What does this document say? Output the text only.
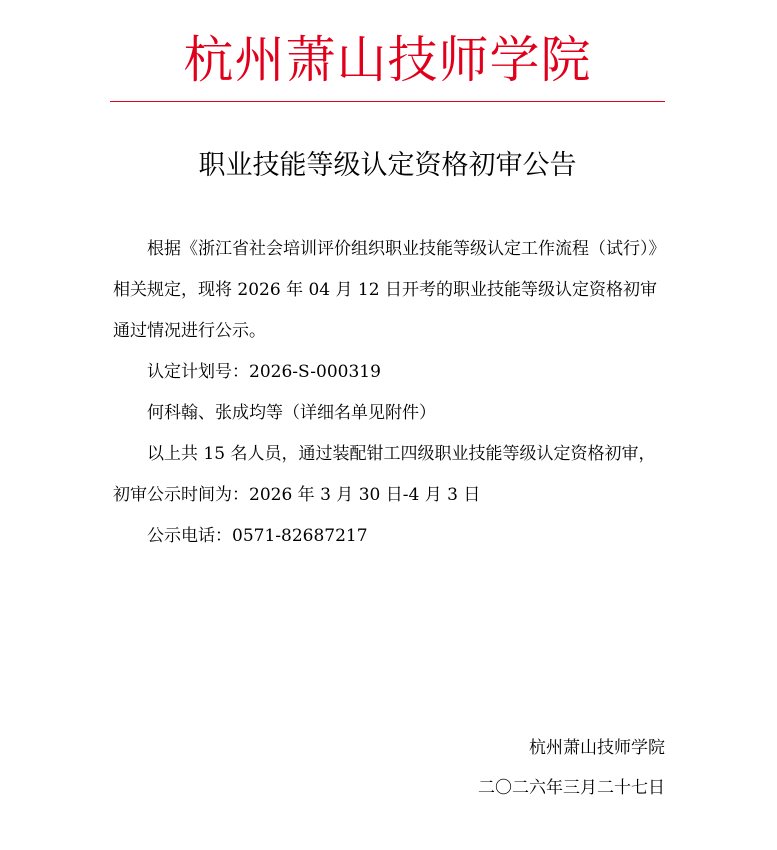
杭州萧山技师学院
职业技能等级认定资格初审公告

根据《浙江省社会培训评价组织职业技能等级认定工作流程（试行）》相关规定，现将 2026 年 04 月 12 日开考的职业技能等级认定资格初审通过情况进行公示。

认定计划号：2026-S-000319

何科翰、张成均等（详细名单见附件）

以上共 15 名人员，通过装配钳工四级职业技能等级认定资格初审，初审公示时间为：2026 年 3 月 30 日-4 月 3 日

公示电话：0571-82687217

杭州萧山技师学院
二〇二六年三月二十七日
